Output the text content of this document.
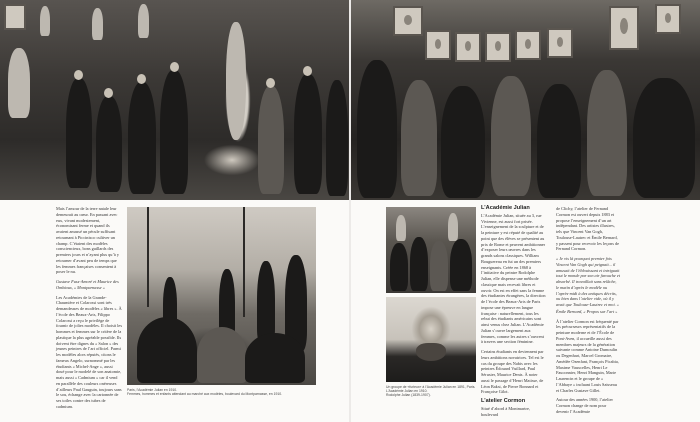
Mais l’amour de la terre natale leur demeurait au cœur. En passant avec eux, vivant modestement, économisant ferme et quand ils avaient amassé un pécule suffisant retournant à Piccinisco cultiver un champ. C’étaient des modèles consciencieux, bons gaillards des premiers jours et n’ayant plus qu’à y retourner d’avant peu de temps que les femmes françaises consentent à poser le nu.

Gustave Fuss-Amoré et Maurice des Ombiaux, « Montparnasse »

Les Académies de la Grande-Chaumière et Colarossi sont très demandeuses de modèles « libres ». À l’école des Beaux-Arts, Filippo Colarossi a reçu le privilège de fournir de jolies modèles. Il choisit les hommes et femmes sur le critère de la plastique la plus agréable possible. Ils doivent être dignes du « Salon » des jeunes peintres de l’art officiel. Parmi les modèles alors réputés, citons le fameux Angelo, surnommé par les étudiants « Michel-Ange », aussi doué pour le modelé de son anatomie, mais aussi « Cadmium » car il vend en parallèle des couleurs onéreuses d’ailleurs Paul Gauguin, toujours sans le sou, échange avec la cartonnée de ses toiles contre des tubes de cadmium.

Paris, l’Académie Julian en 1910.
Femmes, hommes et enfants attendant au marché aux modèles, boulevard du Montparnasse, en 1910.
Un groupe de «furieux» à l’Académie Julian en 1891, Paris.
L’Académie Julian en 1910.
Rodolphe Julian (1839-1907).
L’Académie Julian

L’Académie Julian, située au 3, rue Vivienne, est aussi fort prisée. L’enseignement de la sculpture et de la peinture y est réputé de qualité au point que des élèves se présentent au prix de Rome et peuvent ambitionner d’exposer leurs œuvres dans les grands salons classiques. William Bouguereau en fut un des premiers enseignants. Créée en 1868 à l’initiative du peintre Rodolphe Julian, elle dispense une méthode classique mais recevait libres et ouvrir. On est en effet sans la femme des étudiantes étrangères, la direction de l’école des Beaux-Arts de Paris impose une épreuve en langue française : naturellement, tous les rebut des étudiants américains sont ainsi venus chez Julian. L’Académie Julian s’ouvre largement aux femmes, comme les autres s’ouvrent à travers une section féminine.

Certains étudiants en deviennent par leurs ambitions novatrices. Tel est le cas du groupe des Nabis avec les peintres Édouard Vuillard, Paul Sérusier, Maurice Denis. À noter aussi le passage d’Henri Matisse, de Léon Bakst, de Pierre Bonnard et Françoise Gilot.

L’atelier Cormon

Situé d’abord à Montmartre, boulevard

de Clichy, l’atelier de Fernand Cormon est ouvert depuis 1883 et propose l’enseignement d’un art indépendant. Des artistes illustres, tels que Vincent Van Gogh, Toulouse-Lautrec et Émile Bernard, y passent pour recevoir les leçons de Fernand Cormon.

« Je vis là pourquoi premier fois Vincent Van Gogh qui peignait... il amusait de l’éblouissant et intriguait tout le monde par son air farouche et absorbé. Il travaillait sans relâche, le matin d’après le modèle ou l’après-midi à des antiques décrits, ou bien dans l’atelier vide, où il y avait que Toulouse-Lautrec et moi. »

Émile Bernard, « Propos sur l’art »

À l’atelier Cormon est fréquenté par les précurseurs représentatifs de la peinture moderne et de l’École de Pont-Aven, il accueille aussi des membres majeurs de la génération suivante comme Antoine Dumoulin ou Degenhart, Marcel Gromaire, Amédée Ozenfant, François Picabia, Maxime Vauxcelles, Henri Le Fauconnier, Henri Manguin, Marie Laurencin et le groupe de « l’Abbaye » incluant Louis Saisseau et Charles Gustave Gillet.

Autour des années 1900, l’atelier Cormon change de nom pour devenir l’Académie
